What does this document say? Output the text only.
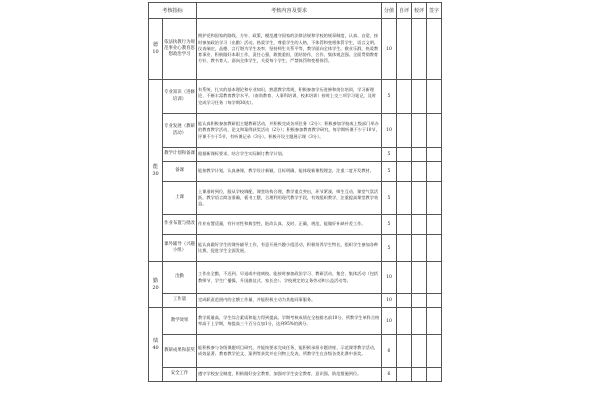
考核指标		考核内容及要求	分值	自评	校评	签字

德
10	依法执教行为规范事业心教育思想政治学习	拥护党和国家的路线、方针、政策，模范遵守国家的法律法规和学校的规章制度，认真、自觉、按时参加政治学习（出勤）活动。热爱学生，尊重学生的人格，不体罚和变相体罚学生，语言文明，仪表端庄，品德、言行堪为学生表率，坚持师生关系平等，教学面向全体学生。敬业乐群，热爱教育事业，积极做好本职工作，责任心强，敢挑重担，团结协作，合作、集体观念强。全面贯彻教育方针，教书育人，面向全体学生，关爱每个学生，严禁体罚和变相体罚。	10			

能
30	专业知识（进修培训）	有系统、扎实的基本理论和专业知识，熟悉教学常规，积极参加学历进修和岗位培训，学习新理论、不断丰富教育教学水平。（南尚教育、人事科培训，校本培训）按时上交三项学习笔记，及时完成学习任务（每学期30次）。	5			
	专业发展（教研活动）	能认真积极参加教研组主题教研活动，并积极完成各项任务（2分）；积极参加学校或上级部门举办的教育教学活动，论文和案例获奖活动（2分）；积极参加教育教学研究，每学期听课不少于10节，评课不少于5节，有听课记录（3分）。积极开设主题展示课（3分）。	10			
	教学计划和备课	根据新课标要求，结合学生实际制订教学计划。	5			
	备课	能按教学计划，认真备课，教学设计新颖，目标明确，能体现新课程理念，注重二度开发教材。	5			
	上课	上课准时到位，服从学校调配，课堂结构合理，教学重点突出，环节紧凑，师生互动，课堂气氛活跃。教学语言简洁准确，板书工整，合理利用现代教学手段，有效组织教学，注重提高课堂教学效益。	5			
	作业布置与批改	作业布置适量，有针对性和典型性，批改认真、及时、正确，规范，能做好补缺补差工作。	5			
	课外辅导（兴趣小组）	能认真做好学生的课外辅导工作，有意开展兴趣小组活动，积极培养学生特长，组织学生参加各种比赛，促进学生全面发展。	5			

勤
20	出勤	工作出全勤，不迟到、早退或中途离校。能按时参加政治学习、教研活动、集会、集体活动（包括教师节、学生广播操、升国旗仪式、家长会）。学校规定的义务劳动和公益活动等。	10			
	工作量	完成职责范围内的全额工作量，并能积极主动为其他同事服务。	10			

绩
40	教学效果	教学质量高，学生综合素质和能力得到提高。学期考核成绩在全校排名前10分，所教学生单科合格率高于上学期，每提高三个百分点加1分，达到95%的满分。	10			
	教研成果和获奖	能积极参与各级课题项目研究，并能按要求完成任务，能积极承担专题讲座、示范课等教学活动，成效显著。教育教学论文、案例等获奖并在刊物上发表，所教学生在各级各类比赛中获奖。	6			
	安全工作	遵守学校安全制度，积极做好安全教育，加强对学生安全教育，意识强，防范措施到位。	6			
